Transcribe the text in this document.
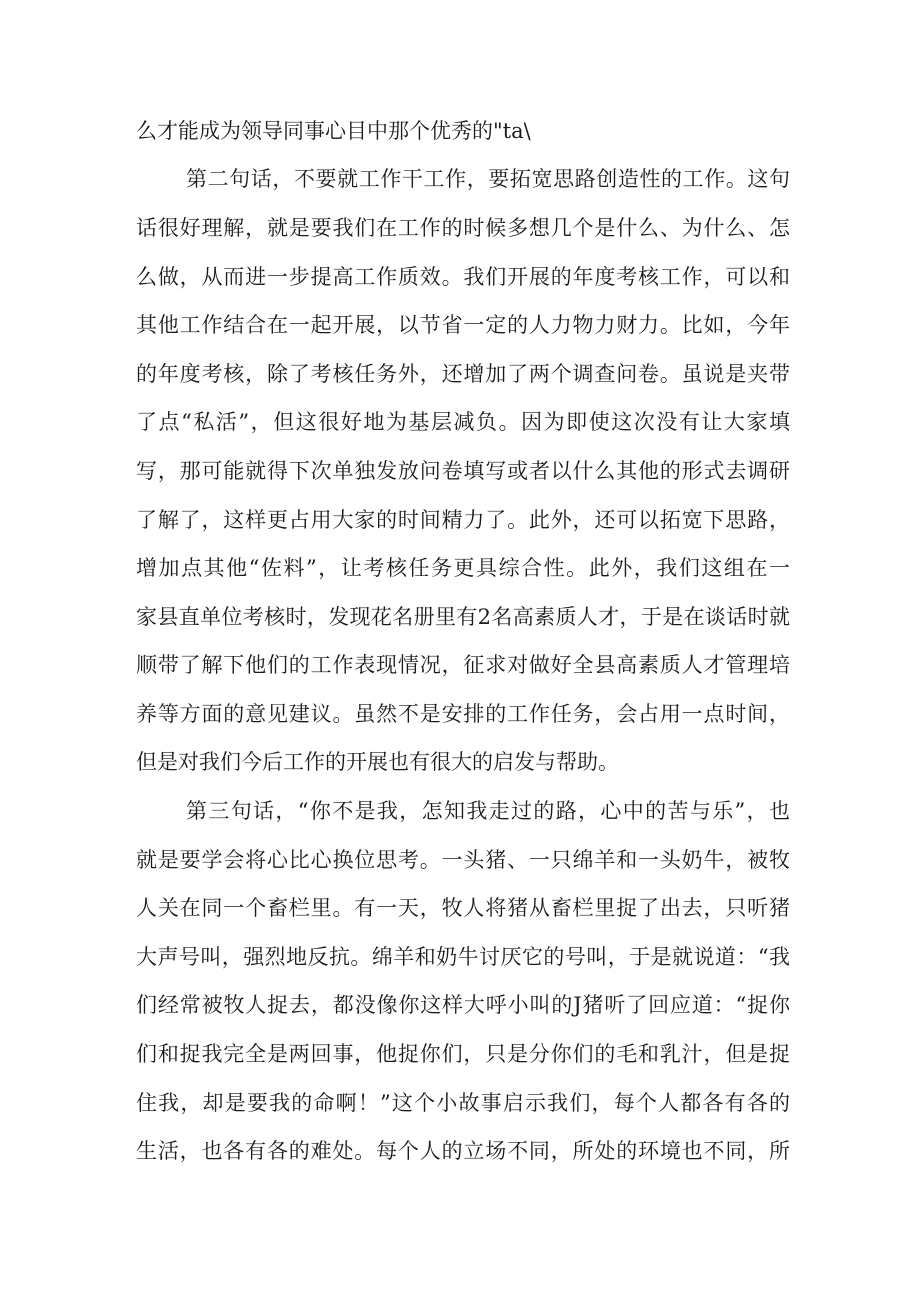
么才能成为领导同事心目中那个优秀的"ta\
第二句话，不要就工作干工作，要拓宽思路创造性的工作。这句
话很好理解，就是要我们在工作的时候多想几个是什么、为什么、怎
么做，从而进一步提高工作质效。我们开展的年度考核工作，可以和
其他工作结合在一起开展，以节省一定的人力物力财力。比如，今年
的年度考核，除了考核任务外，还增加了两个调查问卷。虽说是夹带
了点“私活”，但这很好地为基层减负。因为即使这次没有让大家填
写，那可能就得下次单独发放问卷填写或者以什么其他的形式去调研
了解了，这样更占用大家的时间精力了。此外，还可以拓宽下思路，
增加点其他“佐料”，让考核任务更具综合性。此外，我们这组在一
家县直单位考核时，发现花名册里有2名高素质人才，于是在谈话时就
顺带了解下他们的工作表现情况，征求对做好全县高素质人才管理培
养等方面的意见建议。虽然不是安排的工作任务，会占用一点时间，
但是对我们今后工作的开展也有很大的启发与帮助。
第三句话，“你不是我，怎知我走过的路，心中的苦与乐”，也
就是要学会将心比心换位思考。一头猪、一只绵羊和一头奶牛，被牧
人关在同一个畜栏里。有一天，牧人将猪从畜栏里捉了出去，只听猪
大声号叫，强烈地反抗。绵羊和奶牛讨厌它的号叫，于是就说道：“我
们经常被牧人捉去，都没像你这样大呼小叫的J猪听了回应道：“捉你
们和捉我完全是两回事，他捉你们，只是分你们的毛和乳汁，但是捉
住我，却是要我的命啊！”这个小故事启示我们，每个人都各有各的
生活，也各有各的难处。每个人的立场不同，所处的环境也不同，所
